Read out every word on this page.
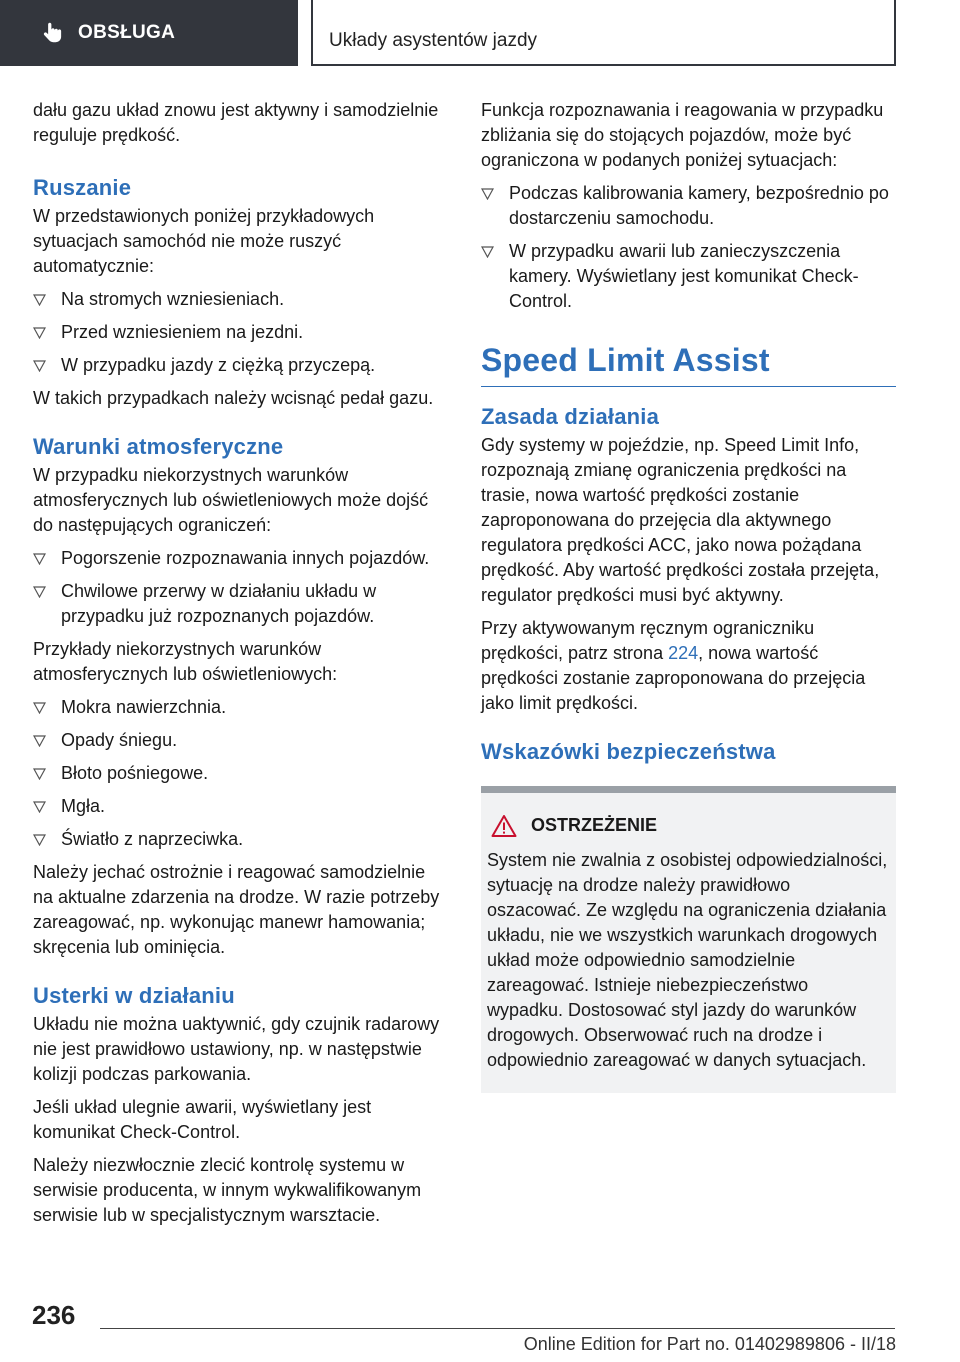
OBSŁUGA	Układy asystentów jazdy

dału gazu układ znowu jest aktywny i samodzielnie reguluje prędkość.

Ruszanie

W przedstawionych poniżej przykładowych sytuacjach samochód nie może ruszyć automatycznie:

Na stromych wzniesieniach.
Przed wzniesieniem na jezdni.
W przypadku jazdy z ciężką przyczepą.

W takich przypadkach należy wcisnąć pedał gazu.

Warunki atmosferyczne

W przypadku niekorzystnych warunków atmosferycznych lub oświetleniowych może dojść do następujących ograniczeń:

Pogorszenie rozpoznawania innych pojazdów.
Chwilowe przerwy w działaniu układu w przypadku już rozpoznanych pojazdów.

Przykłady niekorzystnych warunków atmosferycznych lub oświetleniowych:

Mokra nawierzchnia.
Opady śniegu.
Błoto pośniegowe.
Mgła.
Światło z naprzeciwka.

Należy jechać ostrożnie i reagować samodzielnie na aktualne zdarzenia na drodze. W razie potrzeby zareagować, np. wykonując manewr hamowania; skręcenia lub ominięcia.

Usterki w działaniu

Układu nie można uaktywnić, gdy czujnik radarowy nie jest prawidłowo ustawiony, np. w następstwie kolizji podczas parkowania.

Jeśli układ ulegnie awarii, wyświetlany jest komunikat Check-Control.

Należy niezwłocznie zlecić kontrolę systemu w serwisie producenta, w innym wykwalifikowanym serwisie lub w specjalistycznym warsztacie.

Funkcja rozpoznawania i reagowania w przypadku zbliżania się do stojących pojazdów, może być ograniczona w podanych poniżej sytuacjach:

Podczas kalibrowania kamery, bezpośrednio po dostarczeniu samochodu.
W przypadku awarii lub zanieczyszczenia kamery. Wyświetlany jest komunikat Check-Control.
Speed Limit Assist
Zasada działania

Gdy systemy w pojeździe, np. Speed Limit Info, rozpoznają zmianę ograniczenia prędkości na trasie, nowa wartość prędkości zostanie zaproponowana do przejęcia dla aktywnego regulatora prędkości ACC, jako nowa pożądana prędkość. Aby wartość prędkości została przejęta, regulator prędkości musi być aktywny.

Przy aktywowanym ręcznym ograniczniku prędkości, patrz strona 224, nowa wartość prędkości zostanie zaproponowana do przejęcia jako limit prędkości.

Wskazówki bezpieczeństwa
OSTRZEŻENIE
System nie zwalnia z osobistej odpowiedzialności, sytuację na drodze należy prawidłowo oszacować. Ze względu na ograniczenia działania układu, nie we wszystkich warunkach drogowych układ może odpowiednio samodzielnie zareagować. Istnieje niebezpieczeństwo wypadku. Dostosować styl jazdy do warunków drogowych. Obserwować ruch na drodze i odpowiednio zareagować w danych sytuacjach.
236
Online Edition for Part no. 01402989806 - II/18
